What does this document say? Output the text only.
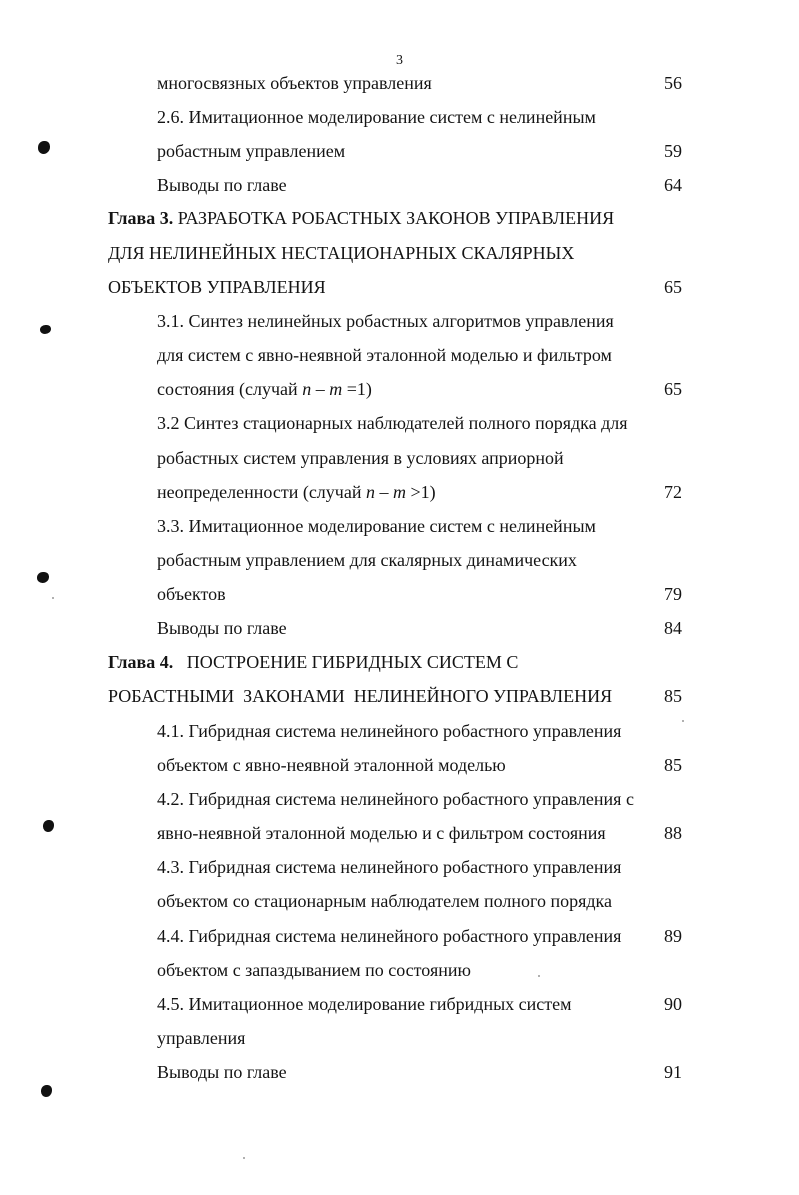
3
многосвязных объектов управления	56
2.6. Имитационное моделирование систем с нелинейным
робастным управлением	59
Выводы по главе	64
Глава 3. РАЗРАБОТКА РОБАСТНЫХ ЗАКОНОВ УПРАВЛЕНИЯ
ДЛЯ НЕЛИНЕЙНЫХ НЕСТАЦИОНАРНЫХ СКАЛЯРНЫХ
ОБЪЕКТОВ УПРАВЛЕНИЯ	65
3.1. Синтез нелинейных робастных алгоритмов управления
для систем с явно-неявной эталонной моделью и фильтром
состояния (случай n – m =1)	65
3.2 Синтез стационарных наблюдателей полного порядка для
робастных систем управления в условиях априорной
неопределенности (случай n – m >1)	72
3.3. Имитационное моделирование систем с нелинейным
робастным управлением для скалярных динамических
объектов	79
Выводы по главе	84
Глава 4.   ПОСТРОЕНИЕ ГИБРИДНЫХ СИСТЕМ С
РОБАСТНЫМИ  ЗАКОНАМИ  НЕЛИНЕЙНОГО УПРАВЛЕНИЯ	85
4.1. Гибридная система нелинейного робастного управления
объектом с явно-неявной эталонной моделью	85
4.2. Гибридная система нелинейного робастного управления с
явно-неявной эталонной моделью и с фильтром состояния	88
4.3. Гибридная система нелинейного робастного управления
объектом со стационарным наблюдателем полного порядка
4.4. Гибридная система нелинейного робастного управления	89
объектом с запаздыванием по состоянию
4.5. Имитационное моделирование гибридных систем	90
управления
Выводы по главе	91
